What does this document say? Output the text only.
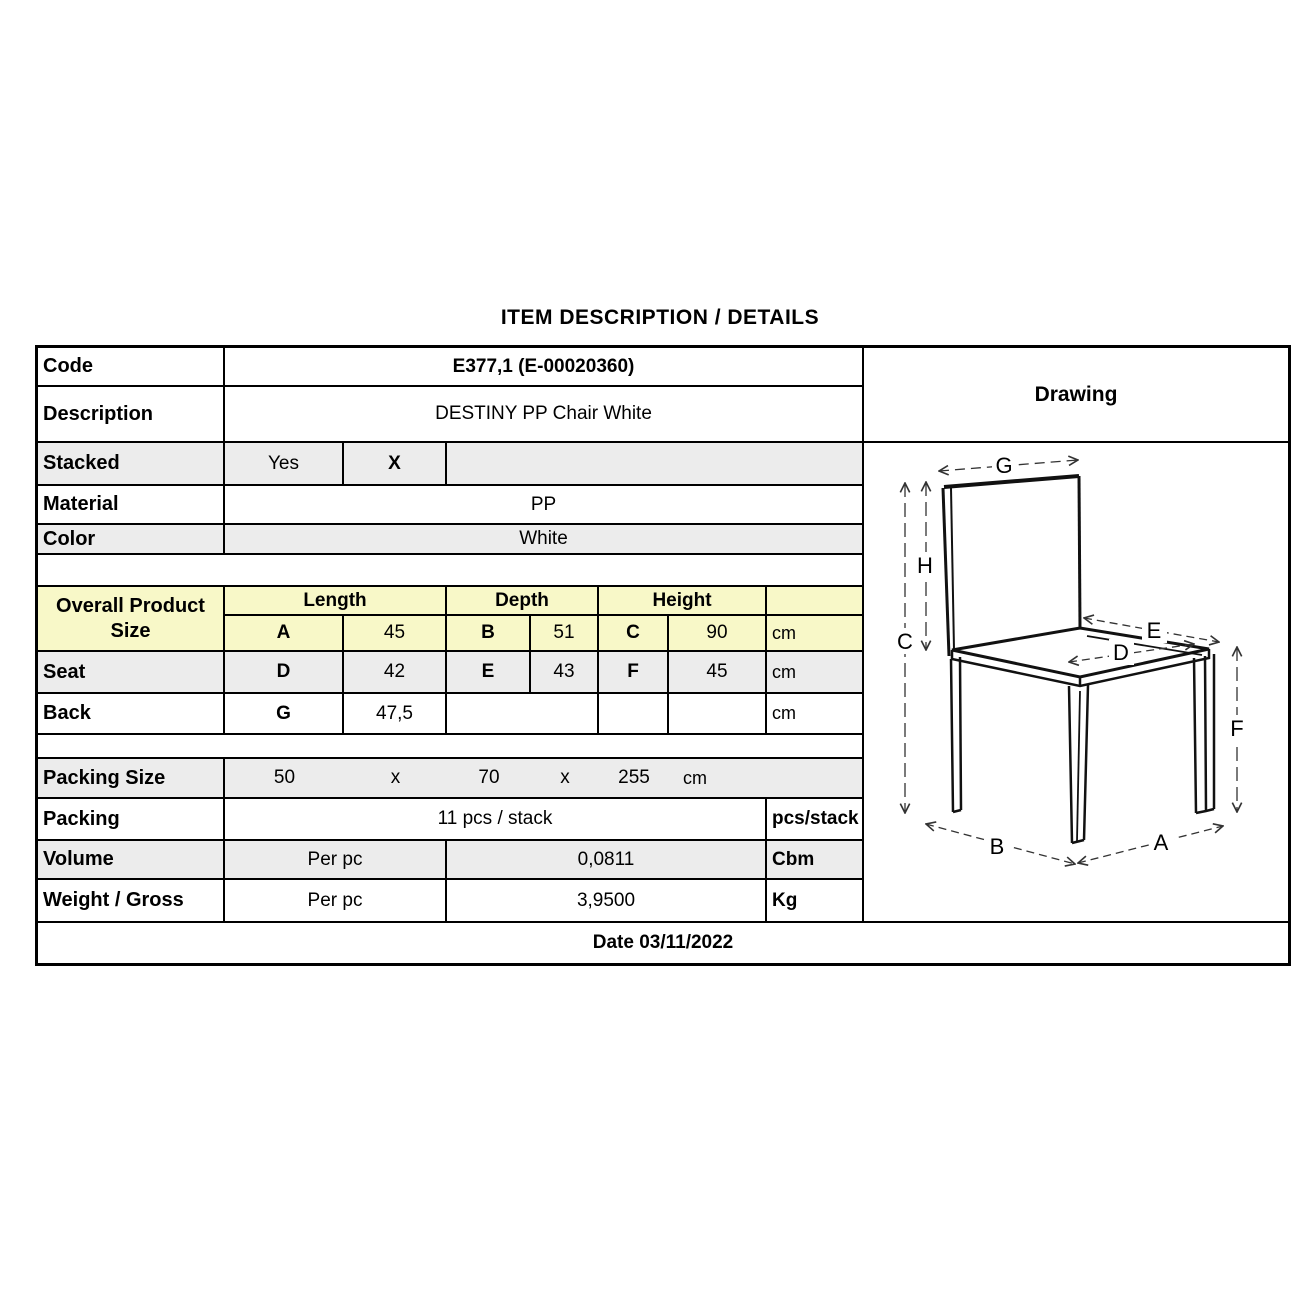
ITEM DESCRIPTION / DETAILS
Code	E377,1 (E-00020360)
Description	DESTINY PP Chair White
Stacked	Yes	X
Material	PP
Color	White
Overall Product
Size
Length	Depth	Height
A	45	B	51	C	90	cm
Seat	D	42	E	43	F	45	cm
Back	G	47,5	cm
Packing Size	50	x	70	x	255	cm
Packing	11 pcs / stack	pcs/stack
Volume	Per pc	0,0811	Cbm
Weight / Gross	Per pc	3,9500	Kg
Drawing
G
H
C	E
D
F
B	A
Date 03/11/2022
